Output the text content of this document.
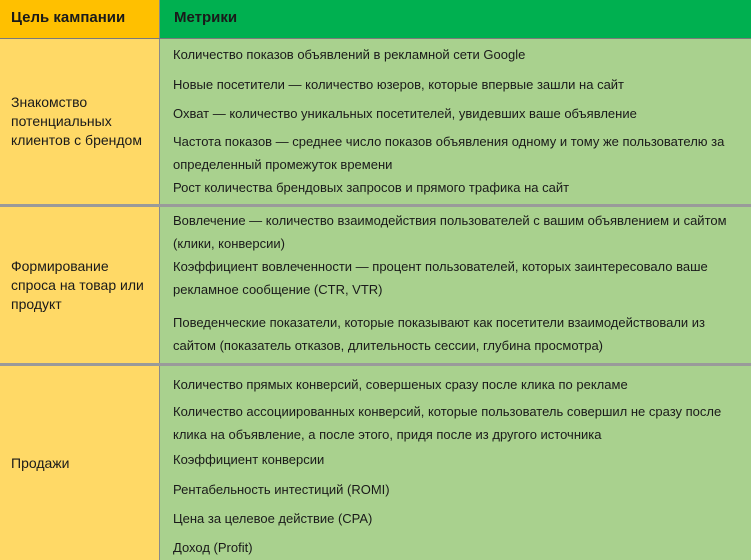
Цель кампании	Метрики
Знакомство потенциальных клиентов с брендом
Количество показов объявлений в рекламной сети Google
Новые посетители — количество юзеров, которые впервые зашли на сайт
Охват — количество уникальных посетителей, увидевших ваше объявление
Частота показов — среднее число показов объявления одному и тому же пользователю за определенный промежуток времени
Рост количества брендовых запросов и прямого трафика на сайт
Формирование спроса на товар или продукт
Вовлечение — количество взаимодействия пользователей с вашим объявлением и сайтом (клики, конверсии)
Коэффициент вовлеченности — процент пользователей, которых заинтересовало ваше рекламное сообщение (CTR, VTR)
Поведенческие показатели, которые показывают как посетители взаимодействовали из сайтом (показатель отказов, длительность сессии, глубина просмотра)
Продажи
Количество прямых конверсий, совершеных сразу после клика по рекламе
Количество ассоциированных конверсий, которые пользователь совершил не сразу после клика на объявление, а после этого, придя после из другого источника
Коэффициент конверсии
Рентабельность интестиций (ROMI)
Цена за целевое действие (CPA)
Доход (Profit)
